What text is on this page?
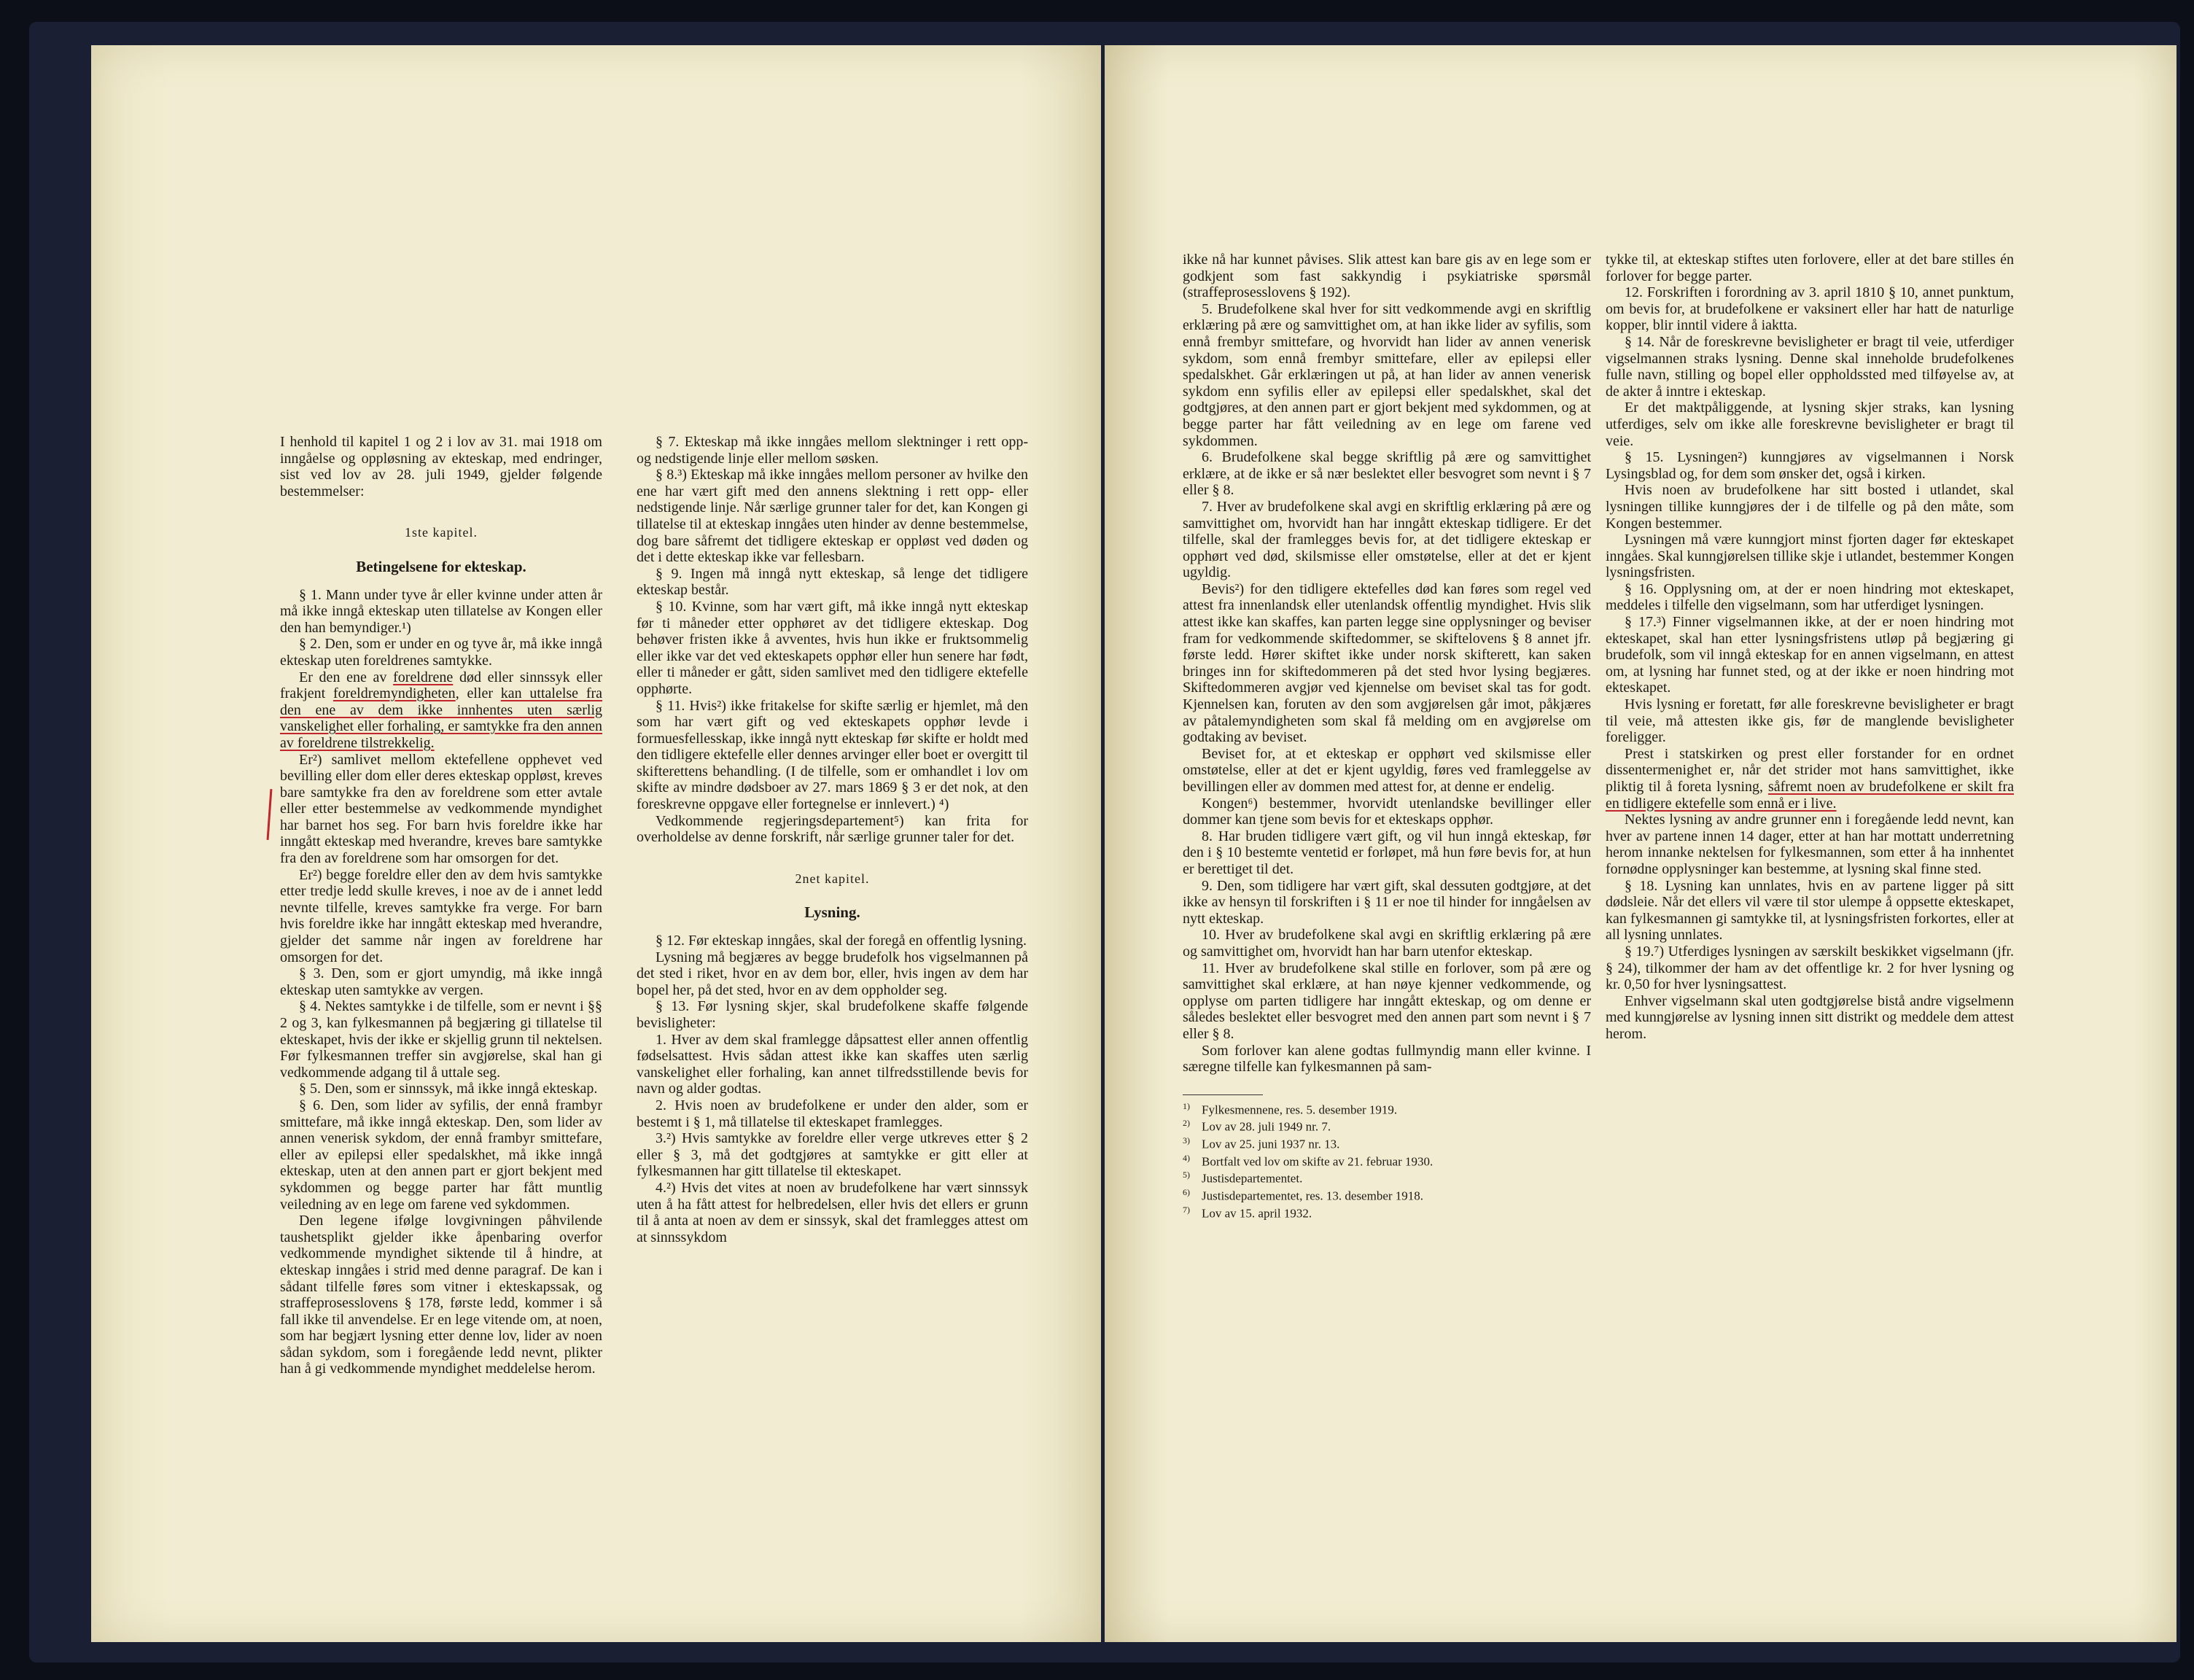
I henhold til kapitel 1 og 2 i lov av 31. mai 1918 om inngåelse og oppløsning av ekteskap, med endringer, sist ved lov av 28. juli 1949, gjelder følgende bestemmelser:

1ste kapitel.

Betingelsene for ekteskap.

§ 1. Mann under tyve år eller kvinne under atten år må ikke inngå ekteskap uten tillatelse av Kongen eller den han bemyndiger.¹)

§ 2. Den, som er under en og tyve år, må ikke inngå ekteskap uten foreldrenes samtykke.

Er den ene av foreldrene død eller sinnssyk eller frakjent foreldremyndigheten, eller kan uttalelse fra den ene av dem ikke innhentes uten særlig vanskelighet eller forhaling, er samtykke fra den annen av foreldrene tilstrekkelig.

Er²) samlivet mellom ektefellene opphevet ved bevilling eller dom eller deres ekteskap oppløst, kreves bare samtykke fra den av foreldrene som etter avtale eller etter bestemmelse av vedkommende myndighet har barnet hos seg. For barn hvis foreldre ikke har inngått ekteskap med hverandre, kreves bare samtykke fra den av foreldrene som har omsorgen for det.

Er²) begge foreldre eller den av dem hvis samtykke etter tredje ledd skulle kreves, i noe av de i annet ledd nevnte tilfelle, kreves samtykke fra verge. For barn hvis foreldre ikke har inngått ekteskap med hverandre, gjelder det samme når ingen av foreldrene har omsorgen for det.

§ 3. Den, som er gjort umyndig, må ikke inngå ekteskap uten samtykke av vergen.

§ 4. Nektes samtykke i de tilfelle, som er nevnt i §§ 2 og 3, kan fylkesmannen på begjæring gi tillatelse til ekteskapet, hvis der ikke er skjellig grunn til nektelsen. Før fylkesmannen treffer sin avgjørelse, skal han gi vedkommende adgang til å uttale seg.

§ 5. Den, som er sinnssyk, må ikke inngå ekteskap.

§ 6. Den, som lider av syfilis, der ennå frambyr smittefare, må ikke inngå ekteskap. Den, som lider av annen venerisk sykdom, der ennå frambyr smittefare, eller av epilepsi eller spedalskhet, må ikke inngå ekteskap, uten at den annen part er gjort bekjent med sykdommen og begge parter har fått muntlig veiledning av en lege om farene ved sykdommen.

Den legene ifølge lovgivningen påhvilende taushetsplikt gjelder ikke åpenbaring overfor vedkommende myndighet siktende til å hindre, at ekteskap inngåes i strid med denne paragraf. De kan i sådant tilfelle føres som vitner i ekteskapssak, og straffeprosesslovens § 178, første ledd, kommer i så fall ikke til anvendelse. Er en lege vitende om, at noen, som har begjært lysning etter denne lov, lider av noen sådan sykdom, som i foregående ledd nevnt, plikter han å gi vedkommende myndighet meddelelse herom.

§ 7. Ekteskap må ikke inngåes mellom slektninger i rett opp- og nedstigende linje eller mellom søsken.

§ 8.³) Ekteskap må ikke inngåes mellom personer av hvilke den ene har vært gift med den annens slektning i rett opp- eller nedstigende linje. Når særlige grunner taler for det, kan Kongen gi tillatelse til at ekteskap inngåes uten hinder av denne bestemmelse, dog bare såfremt det tidligere ekteskap er oppløst ved døden og det i dette ekteskap ikke var fellesbarn.

§ 9. Ingen må inngå nytt ekteskap, så lenge det tidligere ekteskap består.

§ 10. Kvinne, som har vært gift, må ikke inngå nytt ekteskap før ti måneder etter opphøret av det tidligere ekteskap. Dog behøver fristen ikke å avventes, hvis hun ikke er fruktsommelig eller ikke var det ved ekteskapets opphør eller hun senere har født, eller ti måneder er gått, siden samlivet med den tidligere ektefelle opphørte.

§ 11. Hvis²) ikke fritakelse for skifte særlig er hjemlet, må den som har vært gift og ved ekteskapets opphør levde i formuesfellesskap, ikke inngå nytt ekteskap før skifte er holdt med den tidligere ektefelle eller dennes arvinger eller boet er overgitt til skifterettens behandling. (I de tilfelle, som er omhandlet i lov om skifte av mindre dødsboer av 27. mars 1869 § 3 er det nok, at den foreskrevne oppgave eller fortegnelse er innlevert.) ⁴)

Vedkommende regjeringsdepartement⁵) kan frita for overholdelse av denne forskrift, når særlige grunner taler for det.

2net kapitel.

Lysning.

§ 12. Før ekteskap inngåes, skal der foregå en offentlig lysning.

Lysning må begjæres av begge brudefolk hos vigselmannen på det sted i riket, hvor en av dem bor, eller, hvis ingen av dem har bopel her, på det sted, hvor en av dem oppholder seg.

§ 13. Før lysning skjer, skal brudefolkene skaffe følgende bevisligheter:

1. Hver av dem skal framlegge dåpsattest eller annen offentlig fødselsattest. Hvis sådan attest ikke kan skaffes uten særlig vanskelighet eller forhaling, kan annet tilfredsstillende bevis for navn og alder godtas.

2. Hvis noen av brudefolkene er under den alder, som er bestemt i § 1, må tillatelse til ekteskapet framlegges.

3.²) Hvis samtykke av foreldre eller verge utkreves etter § 2 eller § 3, må det godtgjøres at samtykke er gitt eller at fylkesmannen har gitt tillatelse til ekteskapet.

4.²) Hvis det vites at noen av brudefolkene har vært sinnssyk uten å ha fått attest for helbredelsen, eller hvis det ellers er grunn til å anta at noen av dem er sinssyk, skal det framlegges attest om at sinnssykdom

ikke nå har kunnet påvises. Slik attest kan bare gis av en lege som er godkjent som fast sakkyndig i psykiatriske spørsmål (straffeprosesslovens § 192).

5. Brudefolkene skal hver for sitt vedkommende avgi en skriftlig erklæring på ære og samvittighet om, at han ikke lider av syfilis, som ennå frembyr smittefare, og hvorvidt han lider av annen venerisk sykdom, som ennå frembyr smittefare, eller av epilepsi eller spedalskhet. Går erklæringen ut på, at han lider av annen venerisk sykdom enn syfilis eller av epilepsi eller spedalskhet, skal det godtgjøres, at den annen part er gjort bekjent med sykdommen, og at begge parter har fått veiledning av en lege om farene ved sykdommen.

6. Brudefolkene skal begge skriftlig på ære og samvittighet erklære, at de ikke er så nær beslektet eller besvogret som nevnt i § 7 eller § 8.

7. Hver av brudefolkene skal avgi en skriftlig erklæring på ære og samvittighet om, hvorvidt han har inngått ekteskap tidligere. Er det tilfelle, skal der framlegges bevis for, at det tidligere ekteskap er opphørt ved død, skilsmisse eller omstøtelse, eller at det er kjent ugyldig.

Bevis²) for den tidligere ektefelles død kan føres som regel ved attest fra innenlandsk eller utenlandsk offentlig myndighet. Hvis slik attest ikke kan skaffes, kan parten legge sine opplysninger og beviser fram for vedkommende skiftedommer, se skiftelovens § 8 annet jfr. første ledd. Hører skiftet ikke under norsk skifterett, kan saken bringes inn for skiftedommeren på det sted hvor lysing begjæres. Skiftedommeren avgjør ved kjennelse om beviset skal tas for godt. Kjennelsen kan, foruten av den som avgjørelsen går imot, påkjæres av påtalemyndigheten som skal få melding om en avgjørelse om godtaking av beviset.

Beviset for, at et ekteskap er opphørt ved skilsmisse eller omstøtelse, eller at det er kjent ugyldig, føres ved framleggelse av bevillingen eller av dommen med attest for, at denne er endelig.

Kongen⁶) bestemmer, hvorvidt utenlandske bevillinger eller dommer kan tjene som bevis for et ekteskaps opphør.

8. Har bruden tidligere vært gift, og vil hun inngå ekteskap, før den i § 10 bestemte ventetid er forløpet, må hun føre bevis for, at hun er berettiget til det.

9. Den, som tidligere har vært gift, skal dessuten godtgjøre, at det ikke av hensyn til forskriften i § 11 er noe til hinder for inngåelsen av nytt ekteskap.

10. Hver av brudefolkene skal avgi en skriftlig erklæring på ære og samvittighet om, hvorvidt han har barn utenfor ekteskap.

11. Hver av brudefolkene skal stille en forlover, som på ære og samvittighet skal erklære, at han nøye kjenner vedkommende, og opplyse om parten tidligere har inngått ekteskap, og om denne er således beslektet eller besvogret med den annen part som nevnt i § 7 eller § 8.

Som forlover kan alene godtas fullmyndig mann eller kvinne. I særegne tilfelle kan fylkesmannen på sam-

$^{1)}$ Fylkesmennene, res. 5. desember 1919.

$^{2)}$ Lov av 28. juli 1949 nr. 7.

$^{3)}$ Lov av 25. juni 1937 nr. 13.

$^{4)}$ Bortfalt ved lov om skifte av 21. februar 1930.

$^{5)}$ Justisdepartementet.

$^{6)}$ Justisdepartementet, res. 13. desember 1918.

$^{7)}$ Lov av 15. april 1932.

tykke til, at ekteskap stiftes uten forlovere, eller at det bare stilles én forlover for begge parter.

12. Forskriften i forordning av 3. april 1810 § 10, annet punktum, om bevis for, at brudefolkene er vaksinert eller har hatt de naturlige kopper, blir inntil videre å iaktta.

§ 14. Når de foreskrevne bevisligheter er bragt til veie, utferdiger vigselmannen straks lysning. Denne skal inneholde brudefolkenes fulle navn, stilling og bopel eller oppholdssted med tilføyelse av, at de akter å inntre i ekteskap.

Er det maktpåliggende, at lysning skjer straks, kan lysning utferdiges, selv om ikke alle foreskrevne bevisligheter er bragt til veie.

§ 15. Lysningen²) kunngjøres av vigselmannen i Norsk Lysingsblad og, for dem som ønsker det, også i kirken.

Hvis noen av brudefolkene har sitt bosted i utlandet, skal lysningen tillike kunngjøres der i de tilfelle og på den måte, som Kongen bestemmer.

Lysningen må være kunngjort minst fjorten dager før ekteskapet inngåes. Skal kunngjørelsen tillike skje i utlandet, bestemmer Kongen lysningsfristen.

§ 16. Opplysning om, at der er noen hindring mot ekteskapet, meddeles i tilfelle den vigselmann, som har utferdiget lysningen.

§ 17.³) Finner vigselmannen ikke, at der er noen hindring mot ekteskapet, skal han etter lysningsfristens utløp på begjæring gi brudefolk, som vil inngå ekteskap for en annen vigselmann, en attest om, at lysning har funnet sted, og at der ikke er noen hindring mot ekteskapet.

Hvis lysning er foretatt, før alle foreskrevne bevisligheter er bragt til veie, må attesten ikke gis, før de manglende bevisligheter foreligger.

Prest i statskirken og prest eller forstander for en ordnet dissentermenighet er, når det strider mot hans samvittighet, ikke pliktig til å foreta lysning, såfremt noen av brudefolkene er skilt fra en tidligere ektefelle som ennå er i live.

Nektes lysning av andre grunner enn i foregående ledd nevnt, kan hver av partene innen 14 dager, etter at han har mottatt underretning herom innanke nektelsen for fylkesmannen, som etter å ha innhentet fornødne opplysninger kan bestemme, at lysning skal finne sted.

§ 18. Lysning kan unnlates, hvis en av partene ligger på sitt dødsleie. Når det ellers vil være til stor ulempe å oppsette ekteskapet, kan fylkesmannen gi samtykke til, at lysningsfristen forkortes, eller at all lysning unnlates.

§ 19.⁷) Utferdiges lysningen av særskilt beskikket vigselmann (jfr. § 24), tilkommer der ham av det offentlige kr. 2 for hver lysning og kr. 0,50 for hver lysningsattest.

Enhver vigselmann skal uten godtgjørelse bistå andre vigselmenn med kunngjørelse av lysning innen sitt distrikt og meddele dem attest herom.
